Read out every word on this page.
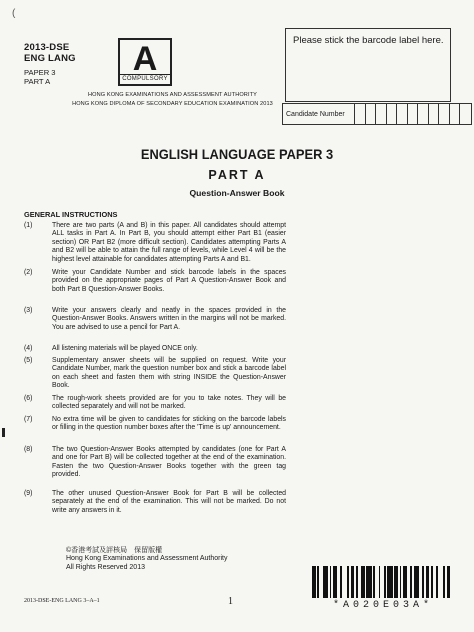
(
2013-DSE
ENG LANG
PAPER 3
PART A
A
COMPULSORY
HONG KONG EXAMINATIONS AND ASSESSMENT AUTHORITY
HONG KONG DIPLOMA OF SECONDARY EDUCATION EXAMINATION 2013
Please stick the barcode label here.
Candidate Number
ENGLISH LANGUAGE PAPER 3
PART A
Question-Answer Book
GENERAL INSTRUCTIONS
(1)	There are two parts (A and B) in this paper. All candidates should attempt ALL tasks in Part A. In Part B, you should attempt either Part B1 (easier section) OR Part B2 (more difficult section). Candidates attempting Parts A and B2 will be able to attain the full range of levels, while Level 4 will be the highest level attainable for candidates attempting Parts A and B1.
(2)	Write your Candidate Number and stick barcode labels in the spaces provided on the appropriate pages of Part A Question-Answer Book and both Part B Question-Answer Books.
(3)	Write your answers clearly and neatly in the spaces provided in the Question-Answer Books. Answers written in the margins will not be marked. You are advised to use a pencil for Part A.
(4)	All listening materials will be played ONCE only.
(5)	Supplementary answer sheets will be supplied on request. Write your Candidate Number, mark the question number box and stick a barcode label on each sheet and fasten them with string INSIDE the Question-Answer Book.
(6)	The rough-work sheets provided are for you to take notes. They will be collected separately and will not be marked.
(7)	No extra time will be given to candidates for sticking on the barcode labels or filling in the question number boxes after the 'Time is up' announcement.
(8)	The two Question-Answer Books attempted by candidates (one for Part A and one for Part B) will be collected together at the end of the examination. Fasten the two Question-Answer Books together with the green tag provided.
(9)	The other unused Question-Answer Book for Part B will be collected separately at the end of the examination. This will not be marked. Do not write any answers in it.
©香港考試及評核局　保留版權
Hong Kong Examinations and Assessment Authority
All Rights Reserved 2013
2013-DSE-ENG LANG 3–A–1	1	*A020E03A*
